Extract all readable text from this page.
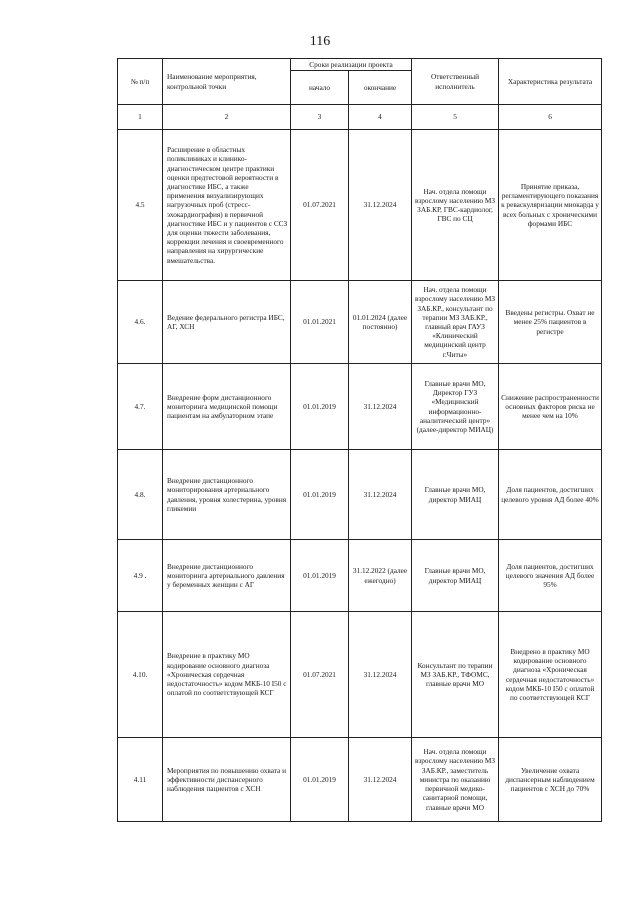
116
№ п/п	Наименование мероприятия, контрольной точки	Сроки реализации проекта		Ответственный исполнитель	Характеристика результата
		начало	окончание		
1	2	3	4	5	6
4.5	Расширение в областных поликлиниках и клинико-диагностическом центре практики оценки предтестовой вероятности в диагностике ИБС, а также применения визуализирующих нагрузочных проб (стресс-эхокардиография) в первичной диагностике ИБС и у пациентов с ССЗ для оценки тяжести заболевания, коррекции лечения и своевременного направления на хирургические вмешательства.	01.07.2021	31.12.2024	Нач. отдела помощи взрослому населению МЗ ЗАБ.КР, ГВС-кардиолог, ГВС по СЦ	Принятие приказа, регламентирующего показания к реваскуляризации миокарда у всех больных с хроническими формами ИБС
4.6.	Ведение федерального регистра ИБС, АГ, ХСН	01.01.2021	01.01.2024 (далее постоянно)	Нач. отдела помощи взрослому населению МЗ ЗАБ.КР., консультант по терапии МЗ ЗАБ.КР., главный врач ГАУЗ «Клинический медицинский центр г.Читы»	Введены регистры. Охват не менее 25% пациентов в регистре
4.7.	Внедрение форм дистанционного мониторинга медицинской помощи пациентам на амбулаторном этапе	01.01.2019	31.12.2024	Главные врачи МО, Директор ГУЗ «Медицинский информационно-аналитический центр» (далее-директор МИАЦ)	Снижение распространенности основных факторов риска не менее чем на 10%
4.8.	Внедрение дистанционного мониторирования артериального давления, уровня холестерина, уровня гликемии	01.01.2019	31.12.2024	Главные врачи МО, директор МИАЦ	Доля пациентов, достигших целевого уровня АД более 40%
4.9 .	Внедрение дистанционного мониторинга артериального давления у беременных женщин с АГ	01.01.2019	31.12.2022 (далее ежегодно)	Главные врачи МО, директор МИАЦ	Доля пациентов, достигших целевого значения АД более 95%
4.10.	Внедрение в практику МО кодирование основного диагноза «Хроническая сердечная недостаточность» кодом МКБ-10 I50 с оплатой по соответствующей КСГ	01.07.2021	31.12.2024	Консультант по терапии МЗ ЗАБ.КР., ТФОМС, главные врачи МО	Внедрено в практику МО кодирование основного диагноза «Хроническая сердечная недостаточность» кодом МКБ-10 I50 с оплатой по соответствующей КСГ
4.11	Мероприятия по повышению охвата и эффективности диспансерного наблюдения пациентов с ХСН	01.01.2019	31.12.2024	Нач. отдела помощи взрослому населению МЗ ЗАБ.КР., заместитель министра по оказанию первичной медико-санитарной помощи, главные врачи МО	Увеличение охвата диспансерным наблюдением пациентов с ХСН до 70%
